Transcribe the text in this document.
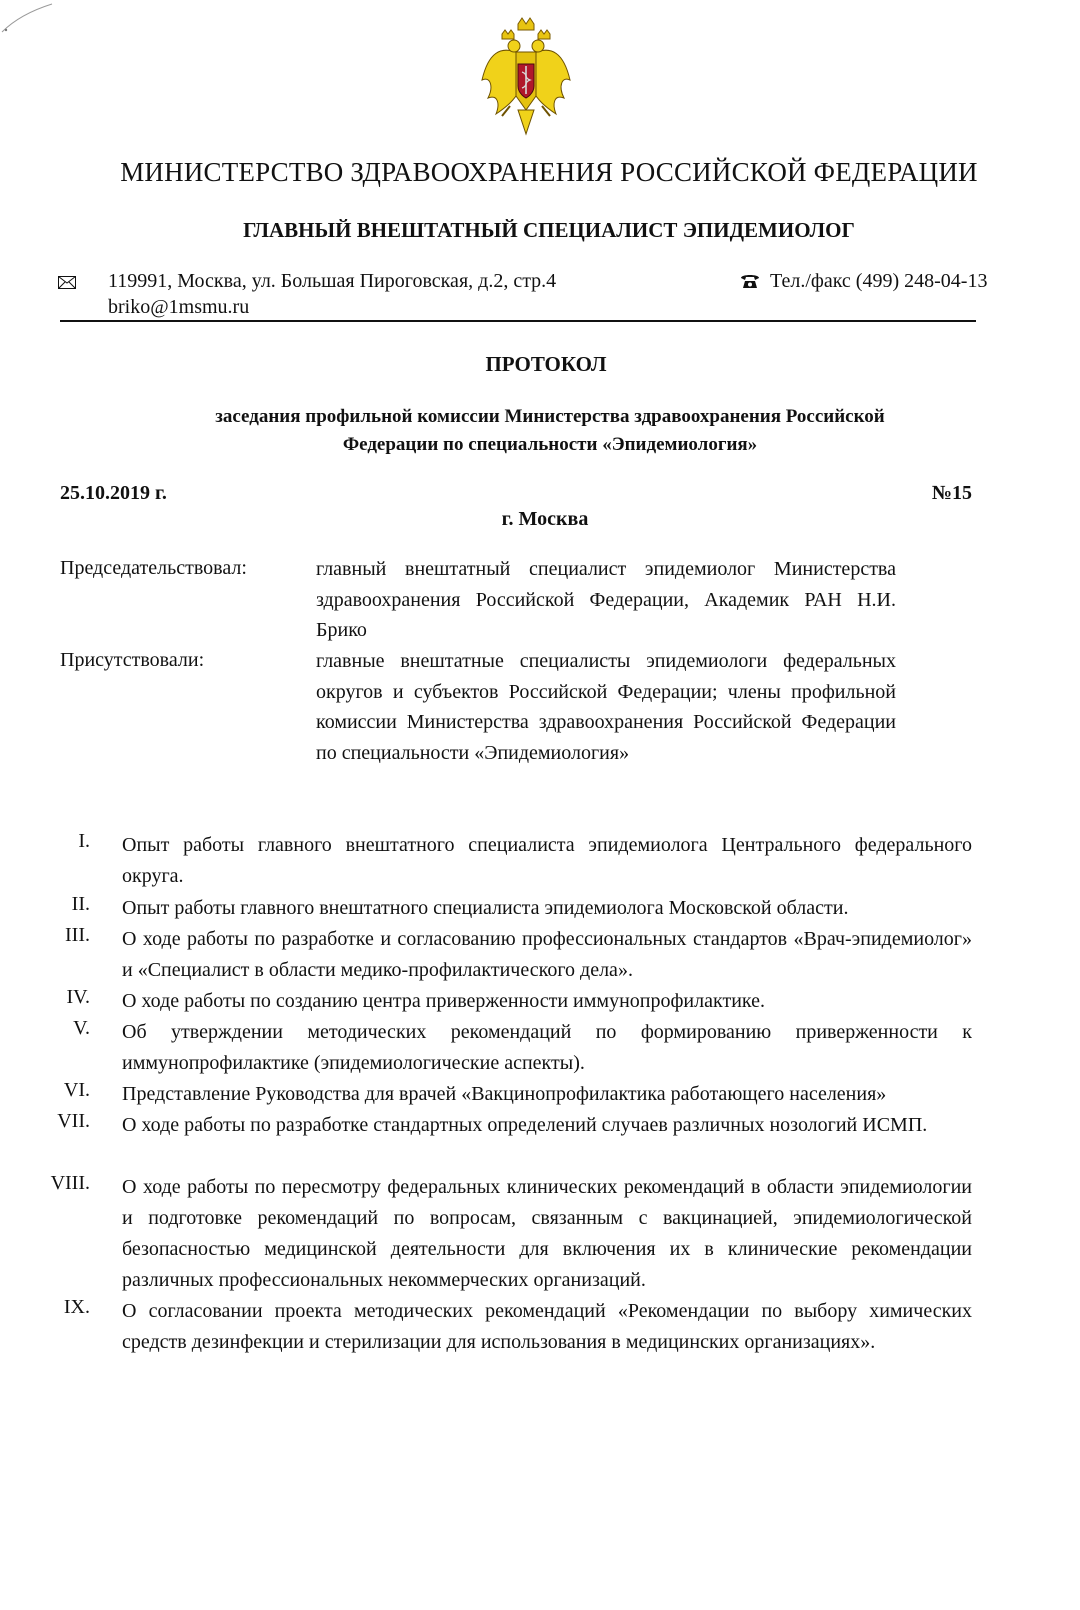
МИНИСТЕРСТВО ЗДРАВООХРАНЕНИЯ РОССИЙСКОЙ ФЕДЕРАЦИИ
ГЛАВНЫЙ ВНЕШТАТНЫЙ СПЕЦИАЛИСТ ЭПИДЕМИОЛОГ
119991, Москва, ул. Большая Пироговская, д.2, стр.4
briko@1msmu.ru
Тел./факс (499) 248-04-13
ПРОТОКОЛ
заседания профильной комиссии Министерства здравоохранения Российской
Федерации по специальности «Эпидемиология»
25.10.2019 г.	№15
г. Москва
Председательствовал:	главный внештатный специалист эпидемиолог Министерства здравоохранения Российской Федерации, Академик РАН Н.И. Брико
Присутствовали:	главные внештатные специалисты эпидемиологи федеральных округов и субъектов Российской Федерации; члены профильной комиссии Министерства здравоохранения Российской Федерации по специальности «Эпидемиология»
I. Опыт работы главного внештатного специалиста эпидемиолога Центрального федерального округа.
II. Опыт работы главного внештатного специалиста эпидемиолога Московской области.
III. О ходе работы по разработке и согласованию профессиональных стандартов «Врач-эпидемиолог» и «Специалист в области медико-профилактического дела».
IV. О ходе работы по созданию центра приверженности иммунопрофилактике.
V. Об утверждении методических рекомендаций по формированию приверженности к иммунопрофилактике (эпидемиологические аспекты).
VI. Представление Руководства для врачей «Вакцинопрофилактика работающего населения»
VII. О ходе работы по разработке стандартных определений случаев различных нозологий ИСМП.
VIII. О ходе работы по пересмотру федеральных клинических рекомендаций в области эпидемиологии и подготовке рекомендаций по вопросам, связанным с вакцинацией, эпидемиологической безопасностью медицинской деятельности для включения их в клинические рекомендации различных профессиональных некоммерческих организаций.
IX. О согласовании проекта методических рекомендаций «Рекомендации по выбору химических средств дезинфекции и стерилизации для использования в медицинских организациях».
